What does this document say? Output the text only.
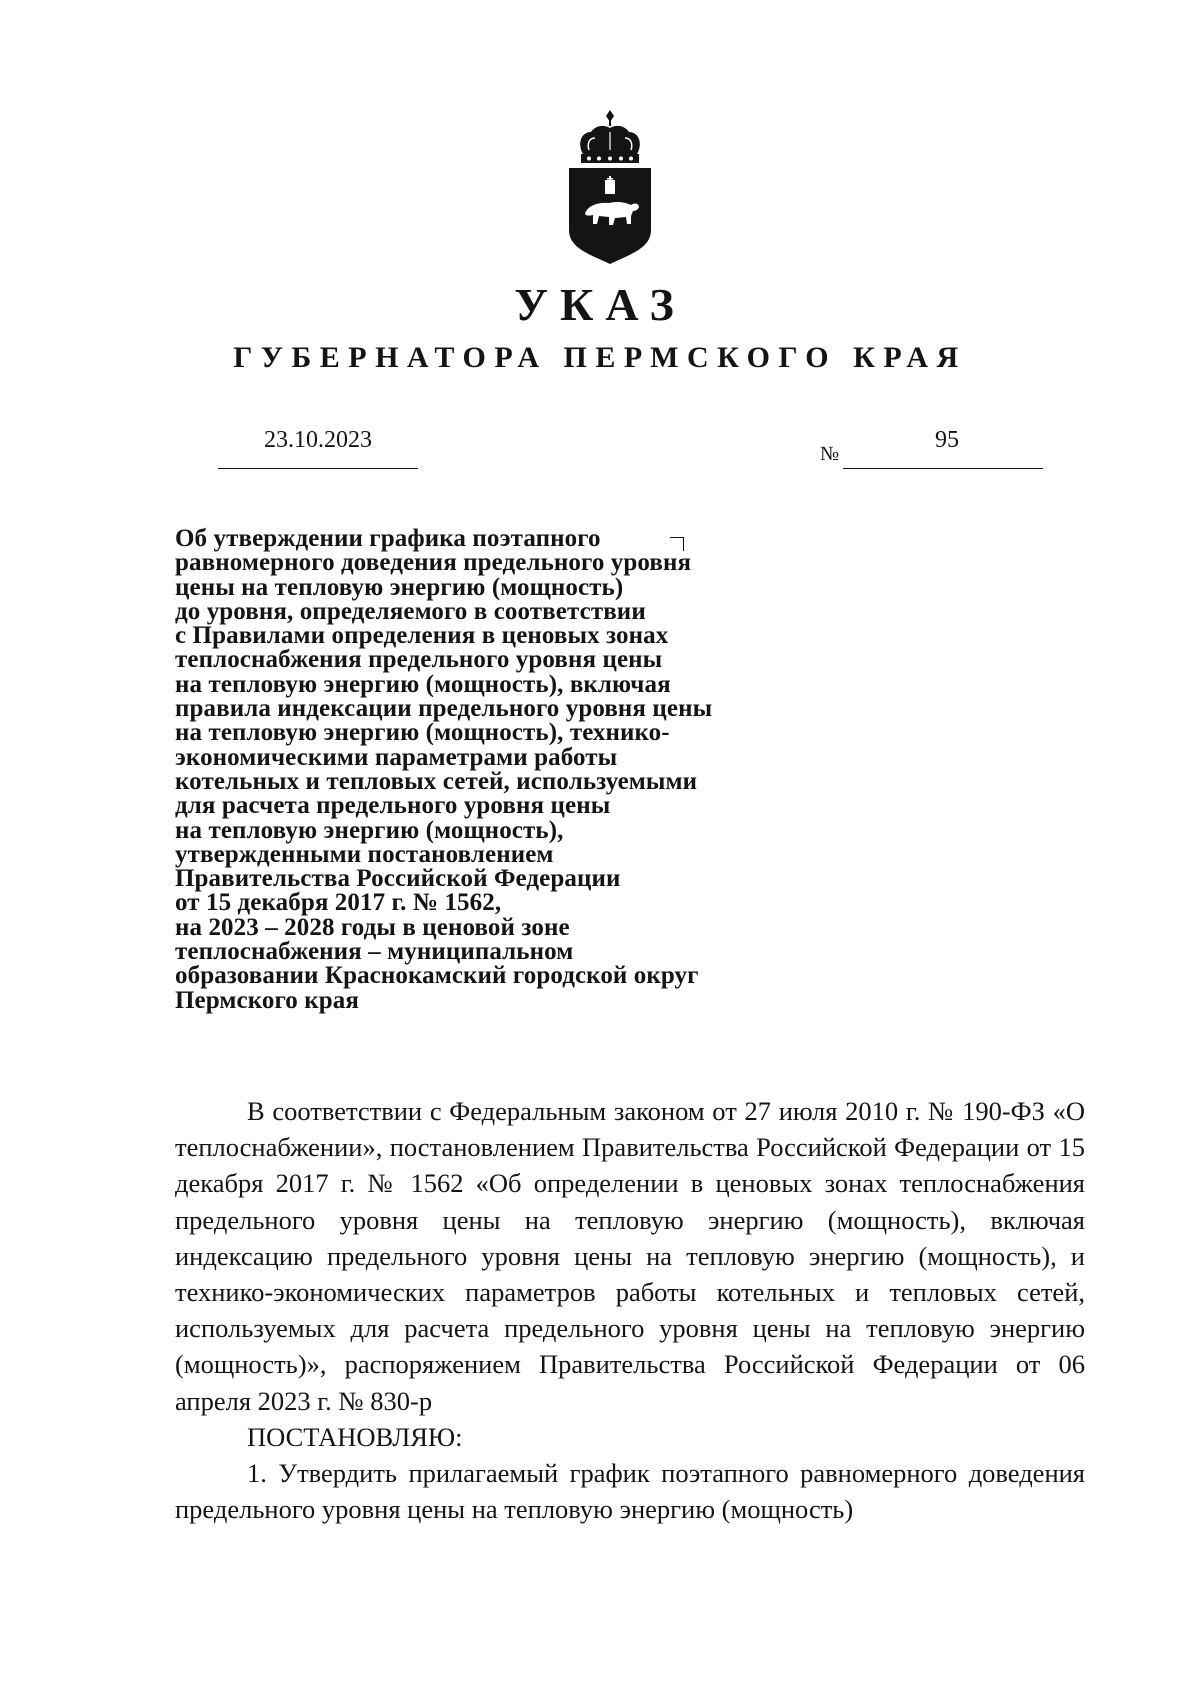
УКАЗ
ГУБЕРНАТОРА ПЕРМСКОГО КРАЯ
23.10.2023
№
95
Об утверждении графика поэтапного
равномерного доведения предельного уровня
цены на тепловую энергию (мощность)
до уровня, определяемого в соответствии
с Правилами определения в ценовых зонах
теплоснабжения предельного уровня цены
на тепловую энергию (мощность), включая
правила индексации предельного уровня цены
на тепловую энергию (мощность), технико-
экономическими параметрами работы
котельных и тепловых сетей, используемыми
для расчета предельного уровня цены
на тепловую энергию (мощность),
утвержденными постановлением
Правительства Российской Федерации
от 15 декабря 2017 г. № 1562,
на 2023 – 2028 годы в ценовой зоне
теплоснабжения – муниципальном
образовании Краснокамский городской округ
Пермского края

В соответствии с Федеральным законом от 27 июля 2010 г. № 190-ФЗ «О теплоснабжении», постановлением Правительства Российской Федерации от 15 декабря 2017 г. № 1562 «Об определении в ценовых зонах теплоснабжения предельного уровня цены на тепловую энергию (мощность), включая индексацию предельного уровня цены на тепловую энергию (мощность), и технико-экономических параметров работы котельных и тепловых сетей, используемых для расчета предельного уровня цены на тепловую энергию (мощность)», распоряжением Правительства Российской Федерации от 06 апреля 2023 г. № 830-р

ПОСТАНОВЛЯЮ:

1. Утвердить прилагаемый график поэтапного равномерного доведения предельного уровня цены на тепловую энергию (мощность)
